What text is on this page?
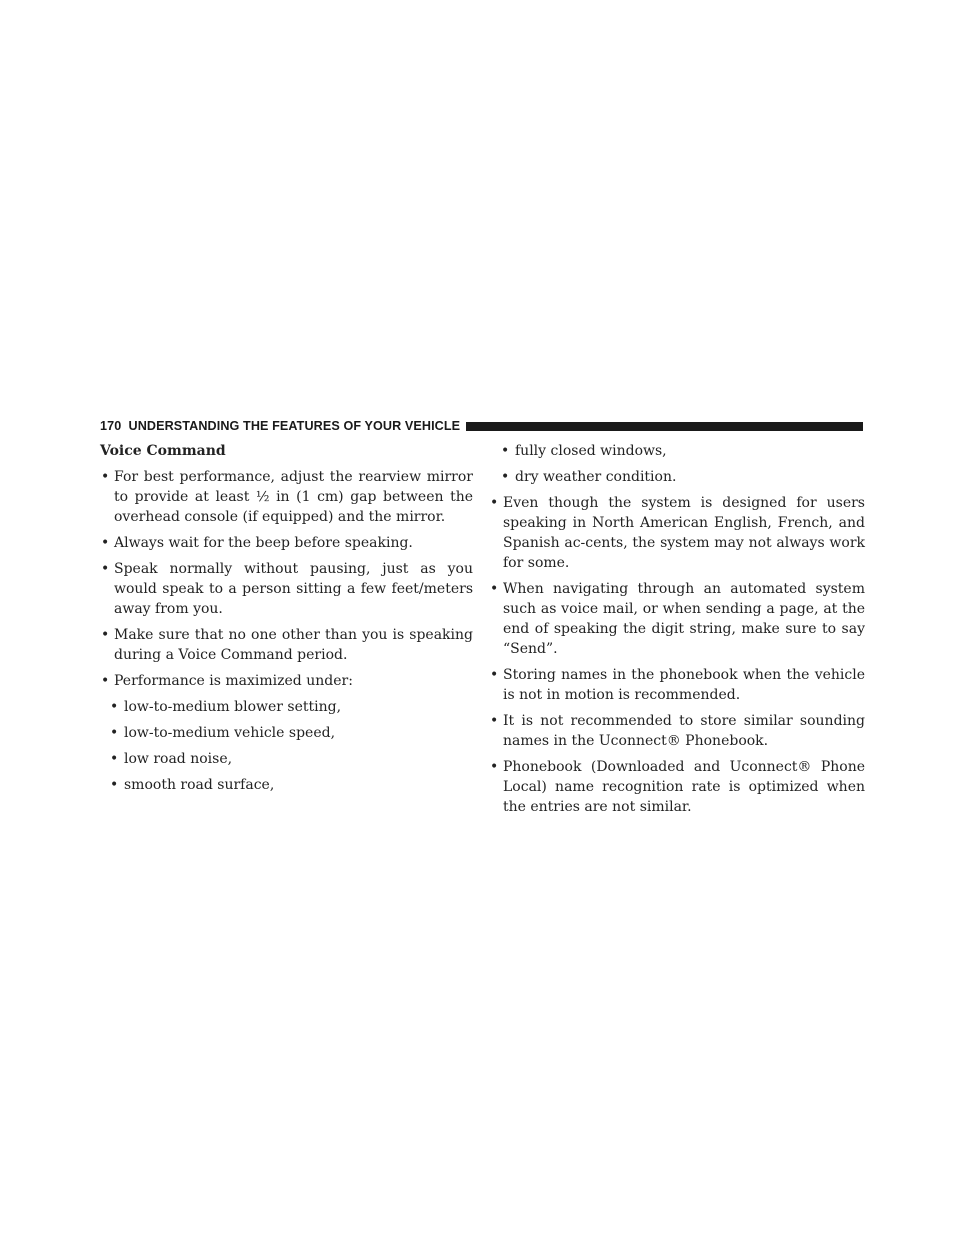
170 UNDERSTANDING THE FEATURES OF YOUR VEHICLE
Voice Command
• For best performance, adjust the rearview mirror to provide at least ½ in (1 cm) gap between the overhead console (if equipped) and the mirror.
• Always wait for the beep before speaking.
• Speak normally without pausing, just as you would speak to a person sitting a few feet/meters away from you.
• Make sure that no one other than you is speaking during a Voice Command period.
• Performance is maximized under:
• low-to-medium blower setting,
• low-to-medium vehicle speed,
• low road noise,
• smooth road surface,
• fully closed windows,
• dry weather condition.
• Even though the system is designed for users speaking in North American English, French, and Spanish ac-cents, the system may not always work for some.
• When navigating through an automated system such as voice mail, or when sending a page, at the end of speaking the digit string, make sure to say “Send”.
• Storing names in the phonebook when the vehicle is not in motion is recommended.
• It is not recommended to store similar sounding names in the Uconnect® Phonebook.
• Phonebook (Downloaded and Uconnect® Phone Local) name recognition rate is optimized when the entries are not similar.
